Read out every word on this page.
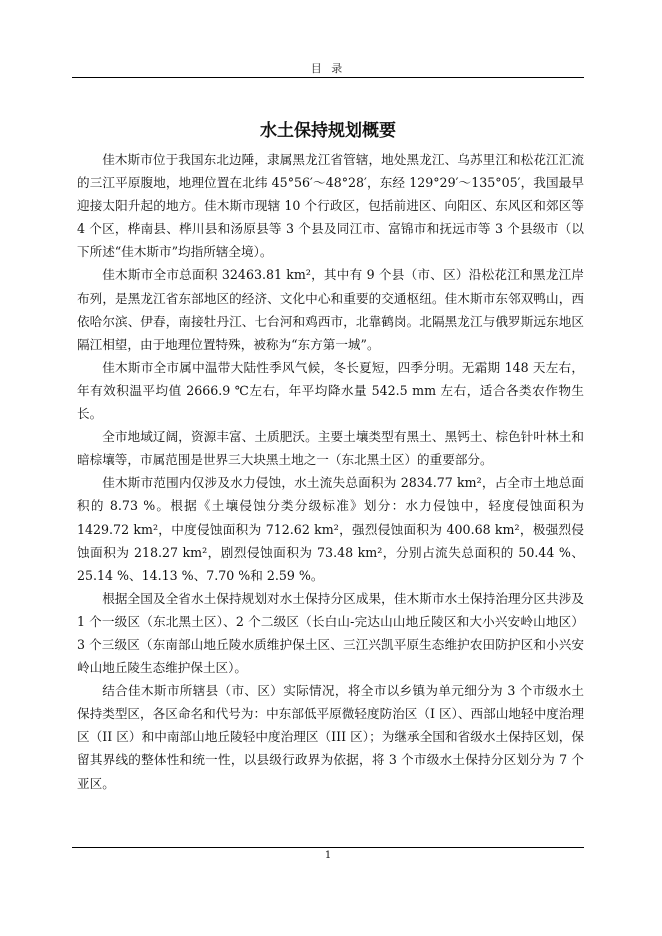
目 录
水土保持规划概要

佳木斯市位于我国东北边陲，隶属黑龙江省管辖，地处黑龙江、乌苏里江和松花江汇流的三江平原腹地，地理位置在北纬 45°56′～48°28′，东经 129°29′～135°05′，我国最早迎接太阳升起的地方。佳木斯市现辖 10 个行政区，包括前进区、向阳区、东风区和郊区等 4 个区，桦南县、桦川县和汤原县等 3 个县及同江市、富锦市和抚远市等 3 个县级市（以下所述“佳木斯市”均指所辖全境）。

佳木斯市全市总面积 32463.81 km²，其中有 9 个县（市、区）沿松花江和黑龙江岸布列，是黑龙江省东部地区的经济、文化中心和重要的交通枢纽。佳木斯市东邻双鸭山，西依哈尔滨、伊春，南接牡丹江、七台河和鸡西市，北靠鹤岗。北隔黑龙江与俄罗斯远东地区隔江相望，由于地理位置特殊，被称为“东方第一城”。

佳木斯市全市属中温带大陆性季风气候，冬长夏短，四季分明。无霜期 148 天左右，年有效积温平均值 2666.9 ℃左右，年平均降水量 542.5 mm 左右，适合各类农作物生长。

全市地域辽阔，资源丰富、土质肥沃。主要土壤类型有黑土、黑钙土、棕色针叶林土和暗棕壤等，市属范围是世界三大块黑土地之一（东北黑土区）的重要部分。

佳木斯市范围内仅涉及水力侵蚀，水土流失总面积为 2834.77 km²，占全市土地总面积的 8.73 %。根据《土壤侵蚀分类分级标准》划分：水力侵蚀中，轻度侵蚀面积为 1429.72 km²，中度侵蚀面积为 712.62 km²，强烈侵蚀面积为 400.68 km²，极强烈侵蚀面积为 218.27 km²，剧烈侵蚀面积为 73.48 km²，分别占流失总面积的 50.44 %、25.14 %、14.13 %、7.70 %和 2.59 %。

根据全国及全省水土保持规划对水土保持分区成果，佳木斯市水土保持治理分区共涉及 1 个一级区（东北黑土区）、2 个二级区（长白山-完达山山地丘陵区和大小兴安岭山地区）3 个三级区（东南部山地丘陵水质维护保土区、三江兴凯平原生态维护农田防护区和小兴安岭山地丘陵生态维护保土区）。

结合佳木斯市所辖县（市、区）实际情况，将全市以乡镇为单元细分为 3 个市级水土保持类型区，各区命名和代号为：中东部低平原微轻度防治区（I 区）、西部山地轻中度治理区（II 区）和中南部山地丘陵轻中度治理区（III 区）；为继承全国和省级水土保持区划，保留其界线的整体性和统一性，以县级行政界为依据，将 3 个市级水土保持分区划分为 7 个亚区。

1
